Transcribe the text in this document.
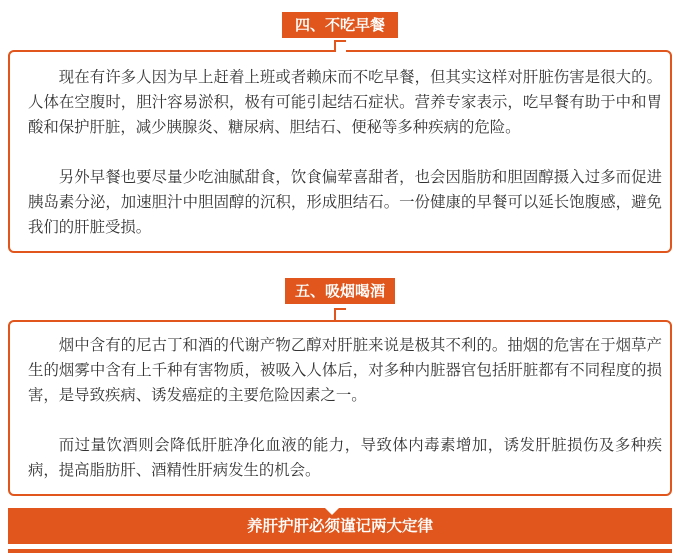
现在有许多人因为早上赶着上班或者赖床而不吃早餐，但其实这样对肝脏伤害是很大的。人体在空腹时，胆汁容易淤积，极有可能引起结石症状。营养专家表示，吃早餐有助于中和胃酸和保护肝脏，减少胰腺炎、糖尿病、胆结石、便秘等多种疾病的危险。

另外早餐也要尽量少吃油腻甜食，饮食偏荤喜甜者，也会因脂肪和胆固醇摄入过多而促进胰岛素分泌，加速胆汁中胆固醇的沉积，形成胆结石。一份健康的早餐可以延长饱腹感，避免我们的肝脏受损。

四、不吃早餐

烟中含有的尼古丁和酒的代谢产物乙醇对肝脏来说是极其不利的。抽烟的危害在于烟草产生的烟雾中含有上千种有害物质，被吸入人体后，对多种内脏器官包括肝脏都有不同程度的损害，是导致疾病、诱发癌症的主要危险因素之一。

而过量饮酒则会降低肝脏净化血液的能力，导致体内毒素增加，诱发肝脏损伤及多种疾病，提高脂肪肝、酒精性肝病发生的机会。

五、吸烟喝酒
养肝护肝必须谨记两大定律
